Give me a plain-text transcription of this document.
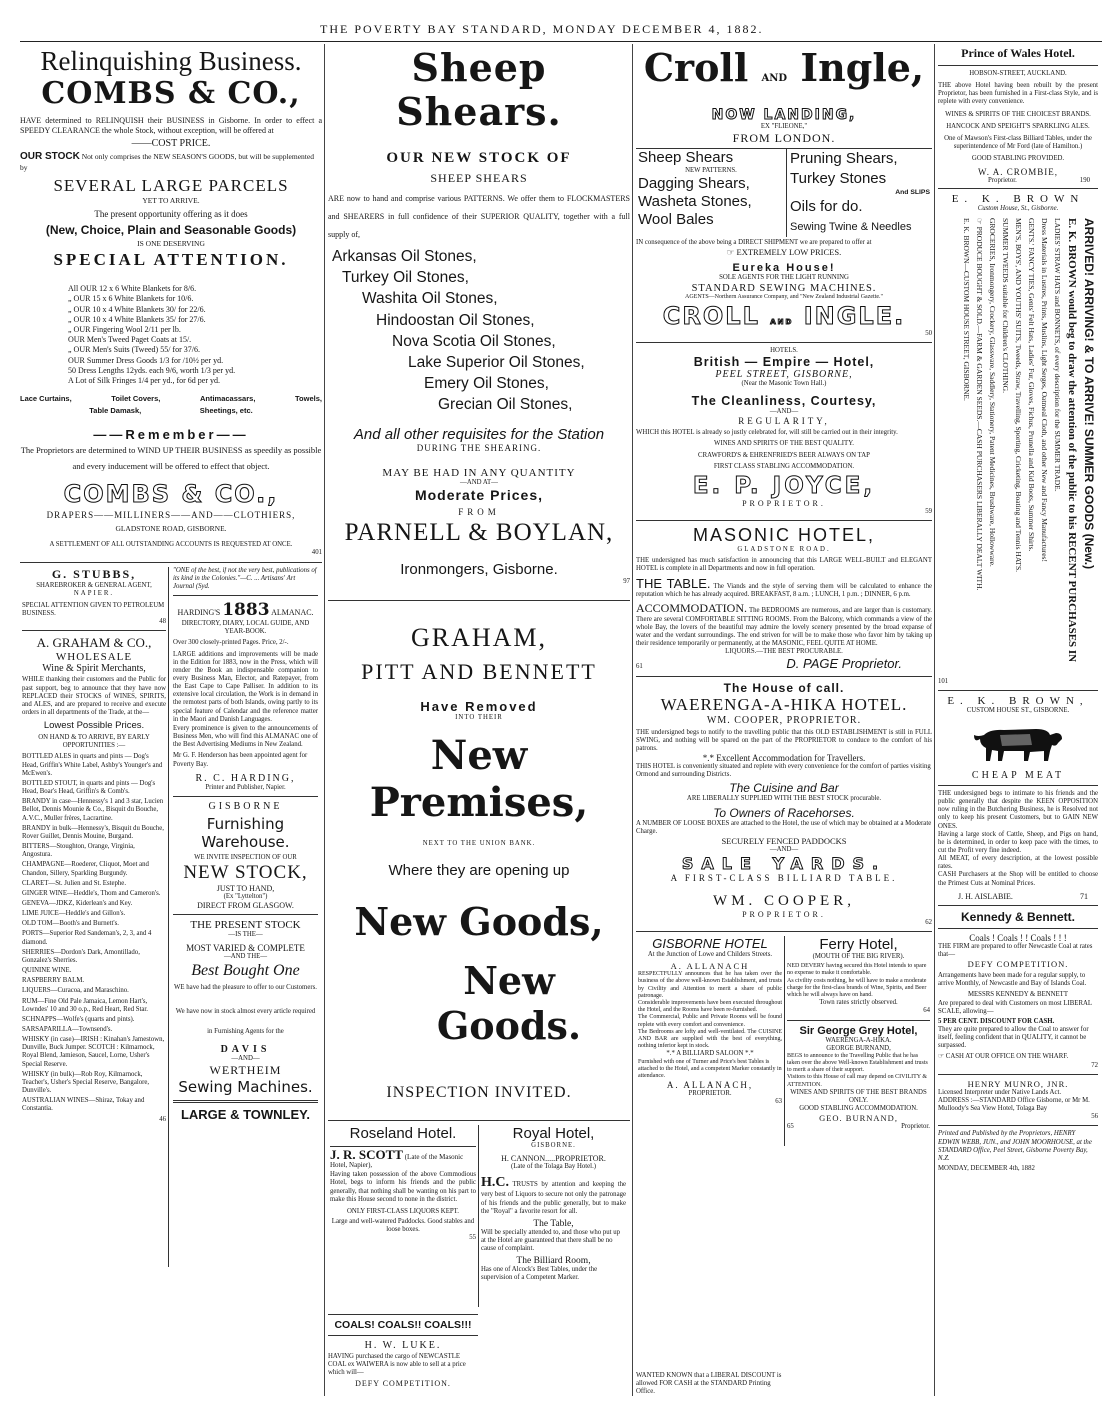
THE POVERTY BAY STANDARD, MONDAY DECEMBER 4, 1882.
Relinquishing Business.
COMBS & CO.,
HAVE determined to RELINQUISH their BUSINESS in Gisborne. In order to effect a SPEEDY CLEARANCE the whole Stock, without exception, will be offered at
——COST PRICE.
OUR STOCK Not only comprises the NEW SEASON'S GOODS, but will be supplemented by
SEVERAL LARGE PARCELS
YET TO ARRIVE.
The present opportunity offering as it does
(New, Choice, Plain and Seasonable Goods)
IS ONE DESERVING
SPECIAL ATTENTION.
All OUR 12 x 6 White Blankets for 8/6.
„ OUR 15 x 6 White Blankets for 10/6.
„ OUR 10 x 4 White Blankets 30/ for 22/6.
„ OUR 10 x 4 White Blankets 35/ for 27/6.
„ OUR Fingering Wool 2/11 per lb.
OUR Men's Tweed Paget Coats at 15/.
„ OUR Men's Suits (Tweed) 55/ for 37/6.
OUR Summer Dress Goods 1/3 for /10½ per yd.
50 Dress Lengths 12yds. each 9/6, worth 1/3 per yd.
A Lot of Silk Fringes 1/4 per yd., for 6d per yd.
Lace Curtains,	Toilet Covers,	Antimacassars,	Towels,
Table Damask,	Sheetings, etc.
——Remember——
The Proprietors are determined to WIND UP THEIR BUSINESS as speedily as possible and every inducement will be offered to effect that object.
COMBS & CO.,
DRAPERS——MILLINERS——AND——CLOTHIERS,
GLADSTONE ROAD, GISBORNE.
A SETTLEMENT OF ALL OUTSTANDING ACCOUNTS IS REQUESTED AT ONCE.
401
G. STUBBS,
SHAREBROKER & GENERAL AGENT,
NAPIER.
SPECIAL ATTENTION GIVEN TO PETROLEUM BUSINESS.
48
A. GRAHAM & CO.,
WHOLESALE
Wine & Spirit Merchants,
WHILE thanking their customers and the Public for past support, beg to announce that they have now REPLACED their STOCKS of WINES, SPIRITS, and ALES, and are prepared to receive and execute orders in all departments of the Trade, at the—
Lowest Possible Prices.
ON HAND & TO ARRIVE, BY EARLY OPPORTUNITIES :—
BOTTLED ALES in quarts and pints — Dog's Head, Griffin's White Label, Ashby's Younger's and McEwen's.
BOTTLED STOUT, in quarts and pints — Dog's Head, Boar's Head, Griffin's & Comb's.
BRANDY in case—Hennessy's 1 and 3 star, Lucien Bellot, Dennis Mounie & Co., Bisquit du Bouche, A.V.C., Muller frères, Lacrartine.
BRANDY in bulk—Hennessy's, Bisquit du Bouche, Rover Guillet, Dennis Mouine, Burgand.
BITTERS—Stoughton, Orange, Virginia, Angostura.
CHAMPAGNE—Roederer, Cliquot, Moet and Chandon, Sillery, Sparkling Burgundy.
CLARET—St. Julien and St. Estephe.
GINGER WINE—Heddle's, Thom and Cameron's.
GENEVA—JDKZ, Kiderlean's and Key.
LIME JUICE—Heddle's and Gillon's.
OLD TOM—Booth's and Burnett's.
PORTS—Superior Red Sandeman's, 2, 3, and 4 diamond.
SHERRIES—Dordon's Dark, Amontillado, Gonzalez's Sherries.
QUININE WINE.
RASPBERRY BALM.
LIQUERS—Curacoa, and Maraschino.
RUM—Fine Old Pale Jamaica, Lemon Hart's, Lowndes' 10 and 30 o.p., Red Heart, Red Star.
SCHNAPPS—Wolfe's (quarts and pints).
SARSAPARILLA—Townsend's.
WHISKY (in case)—IRISH : Kinahan's Jamestown, Dunville, Buck Jumper. SCOTCH : Kilmarnock, Royal Blend, Jamieson, Saucel, Lorne, Usher's Special Reserve.
WHISKY (in bulk)—Rob Roy, Kilmarnock, Teacher's, Usher's Special Reserve, Bangalore, Dunville's.
AUSTRALIAN WINES—Shiraz, Tokay and Constantia.
46
"ONE of the best, if not the very best, publications of its kind in the Colonies."—C. ... Artisans' Art Journal (Syd.
HARDING'S 1883 ALMANAC.
DIRECTORY, DIARY, LOCAL GUIDE, AND YEAR-BOOK.
Over 300 closely-printed Pages. Price, 2/-.
LARGE additions and improvements will be made in the Edition for 1883, now in the Press, which will render the Book an indispensable companion to every Business Man, Elector, and Ratepayer, from the East Cape to Cape Palliser. In addition to its extensive local circulation, the Work is in demand in the remotest parts of both Islands, owing partly to its special feature of Calendar and the reference matter in the Maori and Danish Languages.
Every prominence is given to the announcements of Business Men, who will find this ALMANAC one of the Best Advertising Mediums in New Zealand.
Mr G. F. Henderson has been appointed agent for Poverty Bay.
R. C. HARDING,
Printer and Publisher, Napier.
GISBORNE
Furnishing Warehouse.
WE INVITE INSPECTION OF OUR
NEW STOCK,
JUST TO HAND,
(Ex "Lyttelton")
DIRECT FROM GLASGOW.
THE PRESENT STOCK
—IS THE—
MOST VARIED & COMPLETE
—AND THE—
Best Bought One
WE have had the pleasure to offer to our Customers.
We have now in stock almost every article required in Furnishing Agents for the
DAVIS
—AND—
WERTHEIM
Sewing Machines.
LARGE & TOWNLEY.
Sheep Shears.
OUR NEW STOCK OF
SHEEP SHEARS
ARE now to hand and comprise various PATTERNS. We offer them to FLOCKMASTERS and SHEARERS in full confidence of their SUPERIOR QUALITY, together with a full supply of,
Arkansas Oil Stones,
Turkey Oil Stones,
Washita Oil Stones,
Hindoostan Oil Stones,
Nova Scotia Oil Stones,
Lake Superior Oil Stones,
Emery Oil Stones,
Grecian Oil Stones,
And all other requisites for the Station
DURING THE SHEARING.
MAY BE HAD IN ANY QUANTITY
—AND AT—
Moderate Prices,
FROM
PARNELL & BOYLAN,
Ironmongers, Gisborne.
97
GRAHAM,
PITT AND BENNETT
Have Removed
INTO THEIR
New Premises,
NEXT TO THE UNION BANK.
Where they are opening up
New Goods,
New Goods.
INSPECTION INVITED.
Roseland Hotel.
J. R. SCOTT (Late of the Masonic Hotel, Napier),
Having taken possession of the above Commodious Hotel, begs to inform his friends and the public generally, that nothing shall be wanting on his part to make this House second to none in the district.
ONLY FIRST-CLASS LIQUORS KEPT.
Large and well-watered Paddocks. Good stables and loose boxes.
55
Royal Hotel,
GISBORNE.
H. CANNON.....PROPRIETOR.
(Late of the Tolaga Bay Hotel.)
H.C. TRUSTS by attention and keeping the very best of Liquors to secure not only the patronage of his friends and the public generally, but to make the "Royal" a favorite resort for all.
The Table,
Will be specially attended to, and those who put up at the Hotel are guaranteed that there shall be no cause of complaint.
The Billiard Room,
Has one of Alcock's Best Tables, under the supervision of a Competent Marker.
COALS! COALS!! COALS!!!
H. W. LUKE.
HAVING purchased the cargo of NEWCASTLE COAL ex WAIWERA is now able to sell at a price which will—
DEFY COMPETITION.
Croll AND Ingle,
NOW LANDING,
EX "FLIEONE,"
FROM LONDON.
Sheep Shears
NEW PATTERNS.
Dagging Shears,
Washeta Stones,
Wool Bales
Pruning Shears,
Turkey Stones
And SLIPS
Oils for do.
Sewing Twine & Needles
IN consequence of the above being a DIRECT SHIPMENT we are prepared to offer at
☞ EXTREMELY LOW PRICES.
Eureka House!
SOLE AGENTS FOR THE LIGHT RUNNING
STANDARD SEWING MACHINES.
AGENTS—Northern Assurance Company, and "New Zealand Industrial Gazette."
CROLL AND INGLE.
50
HOTELS.
British — Empire — Hotel,
PEEL STREET, GISBORNE,
(Near the Masonic Town Hall.)
The Cleanliness, Courtesy,
—AND—
REGULARITY,
WHICH this HOTEL is already so justly celebrated for, will still be carried out in their integrity.
WINES AND SPIRITS OF THE BEST QUALITY.
CRAWFORD'S & EHRENFRIED'S BEER ALWAYS ON TAP
FIRST CLASS STABLING ACCOMMODATION.
E. P. JOYCE,
PROPRIETOR.
59
MASONIC HOTEL,
GLADSTONE ROAD.
THE undersigned has much satisfaction in announcing that this LARGE WELL-BUILT and ELEGANT HOTEL is complete in all Departments and now in full operation.
THE TABLE. The Viands and the style of serving them will be calculated to enhance the reputation which he has already acquired. BREAKFAST, 8 a.m. ; LUNCH, 1 p.m. ; DINNER, 6 p.m.
ACCOMMODATION. The BEDROOMS are numerous, and are larger than is customary. There are several COMFORTABLE SITTING ROOMS. From the Balcony, which commands a view of the whole Bay, the lovers of the beautiful may admire the lovely scenery presented by the broad expanse of water and the verdant surroundings. The end striven for will be to make those who favor him by taking up their residence temporarily or permanently, at the MASONIC, FEEL QUITE AT HOME.
LIQUORS.—THE BEST PROCURABLE.
61	D. PAGE Proprietor.
The House of call.
WAERENGA-A-HIKA HOTEL.
WM. COOPER, PROPRIETOR.
THE undersigned begs to notify to the travelling public that this OLD ESTABLISHMENT is still in FULL SWING, and nothing will be spared on the part of the PROPRIETOR to conduce to the comfort of his patrons.
*.* Excellent Accommodation for Travellers.
THIS HOTEL is conveniently situated and replete with every convenience for the comfort of parties visiting Ormond and surrounding Districts.
The Cuisine and Bar
ARE LIBERALLY SUPPLIED WITH THE BEST STOCK procurable.
To Owners of Racehorses.
A NUMBER OF LOOSE BOXES are attached to the Hotel, the use of which may be obtained at a Moderate Charge.
SECURELY FENCED PADDOCKS
—AND—
SALE YARDS.
A FIRST-CLASS BILLIARD TABLE.
WM. COOPER,
PROPRIETOR.
62
GISBORNE HOTEL
At the Junction of Lowe and Childers Streets.
A. ALLANACH
RESPECTFULLY announces that he has taken over the business of the above well-known Establishment, and trusts by Civility and Attention to merit a share of public patronage.
Considerable improvements have been executed throughout the Hotel, and the Rooms have been re-furnished.
The Commercial, Public and Private Rooms will be found replete with every comfort and convenience.
The Bedrooms are lofty and well-ventilated. The CUISINE AND BAR are supplied with the best of everything, nothing inferior kept in stock.
*.* A BILLIARD SALOON *.*
Furnished with one of Turner and Price's best Tables is attached to the Hotel, and a competent Marker constantly in attendance.
A. ALLANACH,
PROPRIETOR.
63
Ferry Hotel,
(MOUTH OF THE BIG RIVER).
NED DEVERY having secured this Hotel intends to spare no expense to make it comfortable.
As civility costs nothing, he will have to make a moderate charge for the first-class brands of Wine, Spirits, and Beer which he will always have on hand.
Town rates strictly observed.
64
Sir George Grey Hotel,
WAERENGA-A-HIKA.
GEORGE BURNAND,
BEGS to announce to the Travelling Public that he has taken over the above Well-known Establishment and trusts to merit a share of their support.
Visitors to this House of call may depend on CIVILITY & ATTENTION.
WINES AND SPIRITS OF THE BEST BRANDS ONLY.
GOOD STABLING ACCOMMODATION.
GEO. BURNAND,
65	Proprietor.
WANTED KNOWN that a LIBERAL DISCOUNT is allowed FOR CASH at the STANDARD Printing Office.
Prince of Wales Hotel.
HOBSON-STREET, AUCKLAND.
THE above Hotel having been rebuilt by the present Proprietor, has been furnished in a First-class Style, and is replete with every convenience.
WINES & SPIRITS OF THE CHOICEST BRANDS.
HANCOCK AND SPEIGHT'S SPARKLING ALES.
One of Mawson's First-class Billiard Tables, under the superintendence of Mr Ford (late of Hamilton.)
GOOD STABLING PROVIDED.
W. A. CROMBIE,
Proprietor.	190
E. K. BROWN
Custom House, St., Gisborne.
ARRIVED! ARRIVING! & TO ARRIVE! SUMMER GOODS (New.)
E. K. BROWN would beg to draw the attention of the public to his RECENT PURCHASES IN
LADIES' STRAW HATS and BONNETS, of every description for the SUMMER TRADE.
Dress Materials in Lustres, Prints, Muslins, Light Serges, Oatmeal Cloth, and other New and Fancy Manufactures!
GENTS.' FANCY TIES, Gents' Felt Hats, Ladies' Fur, Gloves, Fichus, Prunella and Kid Boots, Summer Shirts.
MEN'S, BOYS', AND YOUTHS' SUITS, Tweeds, Straw, Travelling, Sporting, Cricketing, Boating and Tennis HATS.
SUMMER TWEEDS suitable for Children's CLOTHING.
GROCERIES, Ironmongery, Crockery, Glassware, Saddlery, Stationery, Patent Medicines, Brushware, Hollowware.
☞ PRODUCE BOUGHT & SOLD.—FARM & GARDEN SEEDS.—CASH PURCHASERS LIBERALLY DEALT WITH.
E. K. BROWN—CUSTOM HOUSE STREET, GISBORNE.
101
E. K. BROWN,
CUSTOM HOUSE ST., GISBORNE.
CHEAP MEAT
THE undersigned begs to intimate to his friends and the public generally that despite the KEEN OPPOSITION now ruling in the Butchering Business, he is Resolved not only to keep his present Customers, but to GAIN NEW ONES.
Having a large stock of Cattle, Sheep, and Pigs on hand, he is determined, in order to keep pace with the times, to cut the Profit very fine indeed.
All MEAT, of every description, at the lowest possible rates.
CASH Purchasers at the Shop will be entitled to choose the Primest Cuts at Nominal Prices.
J. H. AISLABIE.	71
Kennedy & Bennett.
Coals ! Coals ! ! Coals ! ! !
THE FIRM are prepared to offer Newcastle Coal at rates that—
DEFY COMPETITION.
Arrangements have been made for a regular supply, to arrive Monthly, of Newcastle and Bay of Islands Coal.
MESSRS KENNEDY & BENNETT
Are prepared to deal with Customers on most LIBERAL SCALE, allowing—
5 PER CENT. DISCOUNT FOR CASH.
They are quite prepared to allow the Coal to answer for itself, feeling confident that in QUALITY, it cannot be surpassed.
☞ CASH AT OUR OFFICE ON THE WHARF.
72
HENRY MUNRO, JNR.
Licensed Interpreter under Native Lands Act.
ADDRESS :—STANDARD Office Gisborne, or Mr M. Mulloody's Sea View Hotel, Tolaga Bay
56
Printed and Published by the Proprietors, HENRY EDWIN WEBB, JUN., and JOHN MOORHOUSE, at the STANDARD Office, Peel Street, Gisborne Poverty Bay, N.Z.
MONDAY, DECEMBER 4th, 1882
